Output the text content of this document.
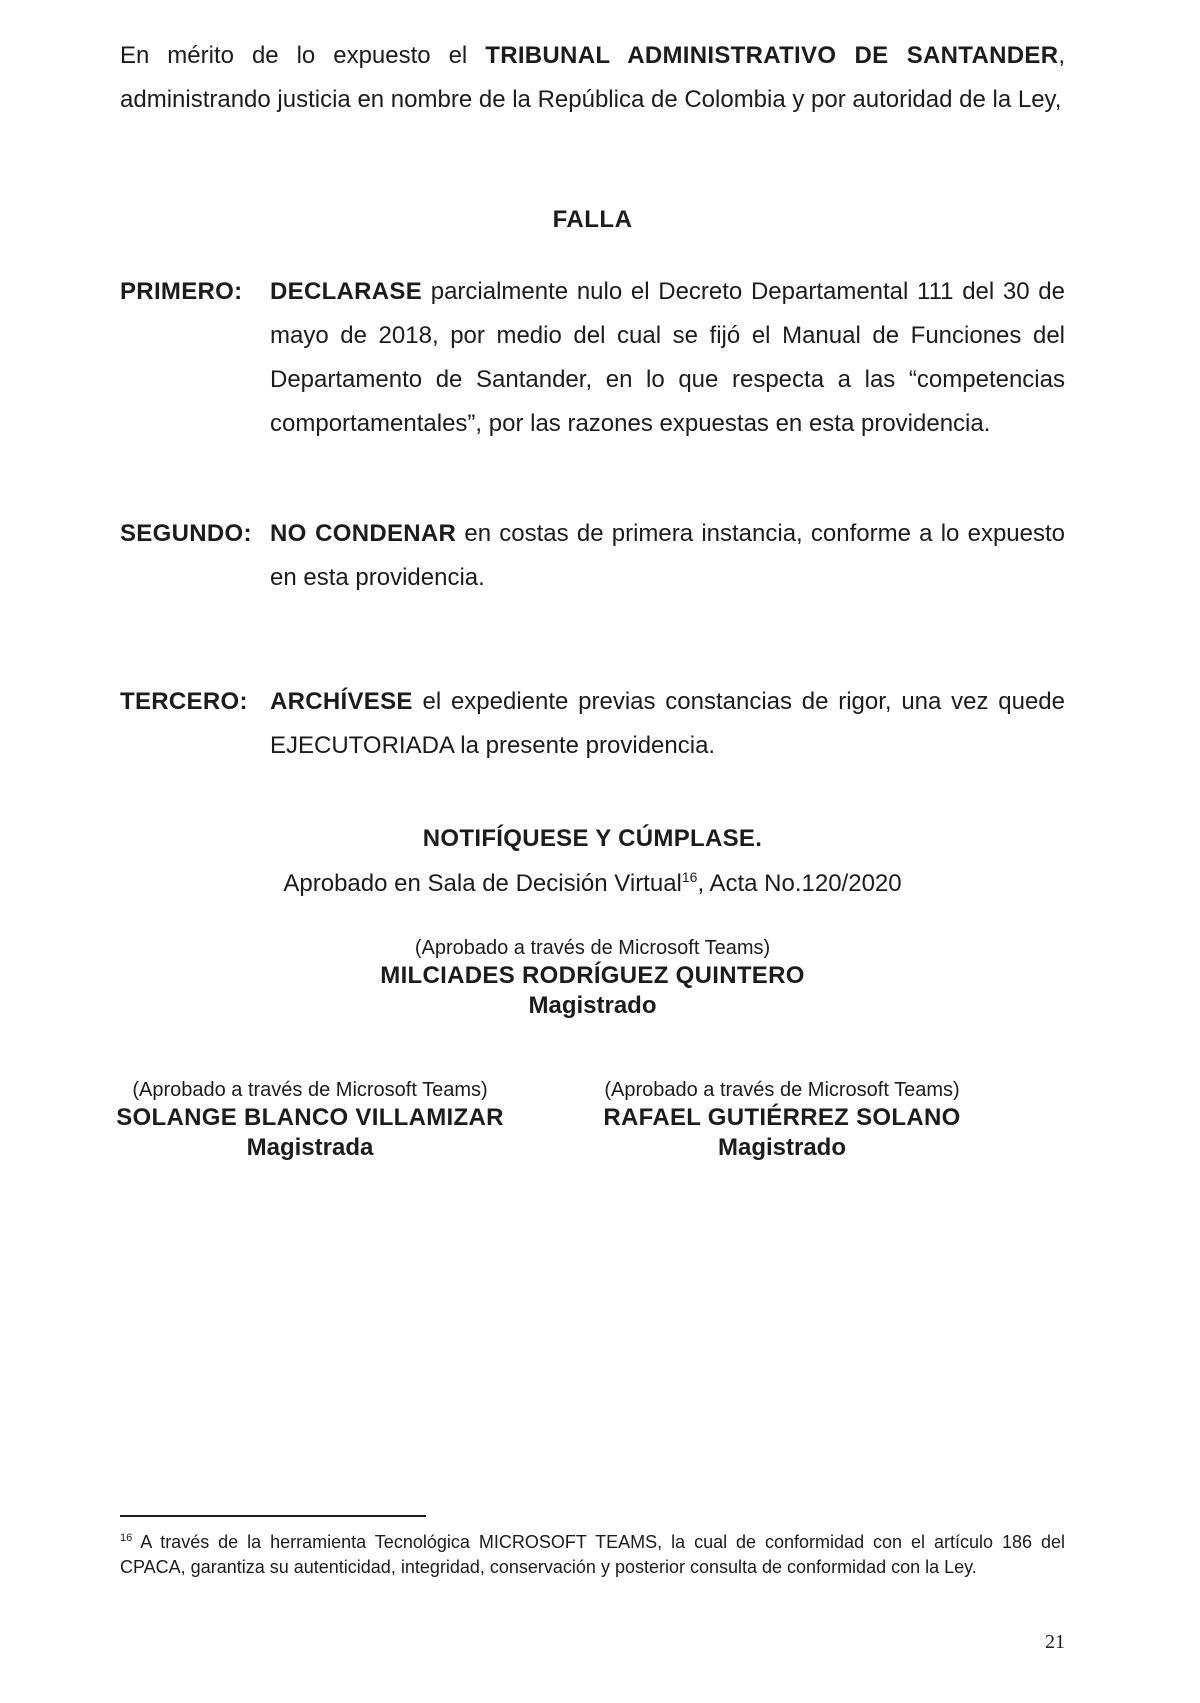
En mérito de lo expuesto el TRIBUNAL ADMINISTRATIVO DE SANTANDER, administrando justicia en nombre de la República de Colombia y por autoridad de la Ley,

FALLA
PRIMERO: DECLARASE parcialmente nulo el Decreto Departamental 111 del 30 de mayo de 2018, por medio del cual se fijó el Manual de Funciones del Departamento de Santander, en lo que respecta a las “competencias comportamentales”, por las razones expuestas en esta providencia.
SEGUNDO: NO CONDENAR en costas de primera instancia, conforme a lo expuesto en esta providencia.
TERCERO: ARCHÍVESE el expediente previas constancias de rigor, una vez quede EJECUTORIADA la presente providencia.
NOTIFÍQUESE Y CÚMPLASE.
Aprobado en Sala de Decisión Virtual$^{16}$, Acta No.120/2020
(Aprobado a través de Microsoft Teams)
MILCIADES RODRÍGUEZ QUINTERO
Magistrado
(Aprobado a través de Microsoft Teams)
SOLANGE BLANCO VILLAMIZAR
Magistrada
(Aprobado a través de Microsoft Teams)
RAFAEL GUTIÉRREZ SOLANO
Magistrado

$^{16}$ A través de la herramienta Tecnológica MICROSOFT TEAMS, la cual de conformidad con el artículo 186 del CPACA, garantiza su autenticidad, integridad, conservación y posterior consulta de conformidad con la Ley.

21
